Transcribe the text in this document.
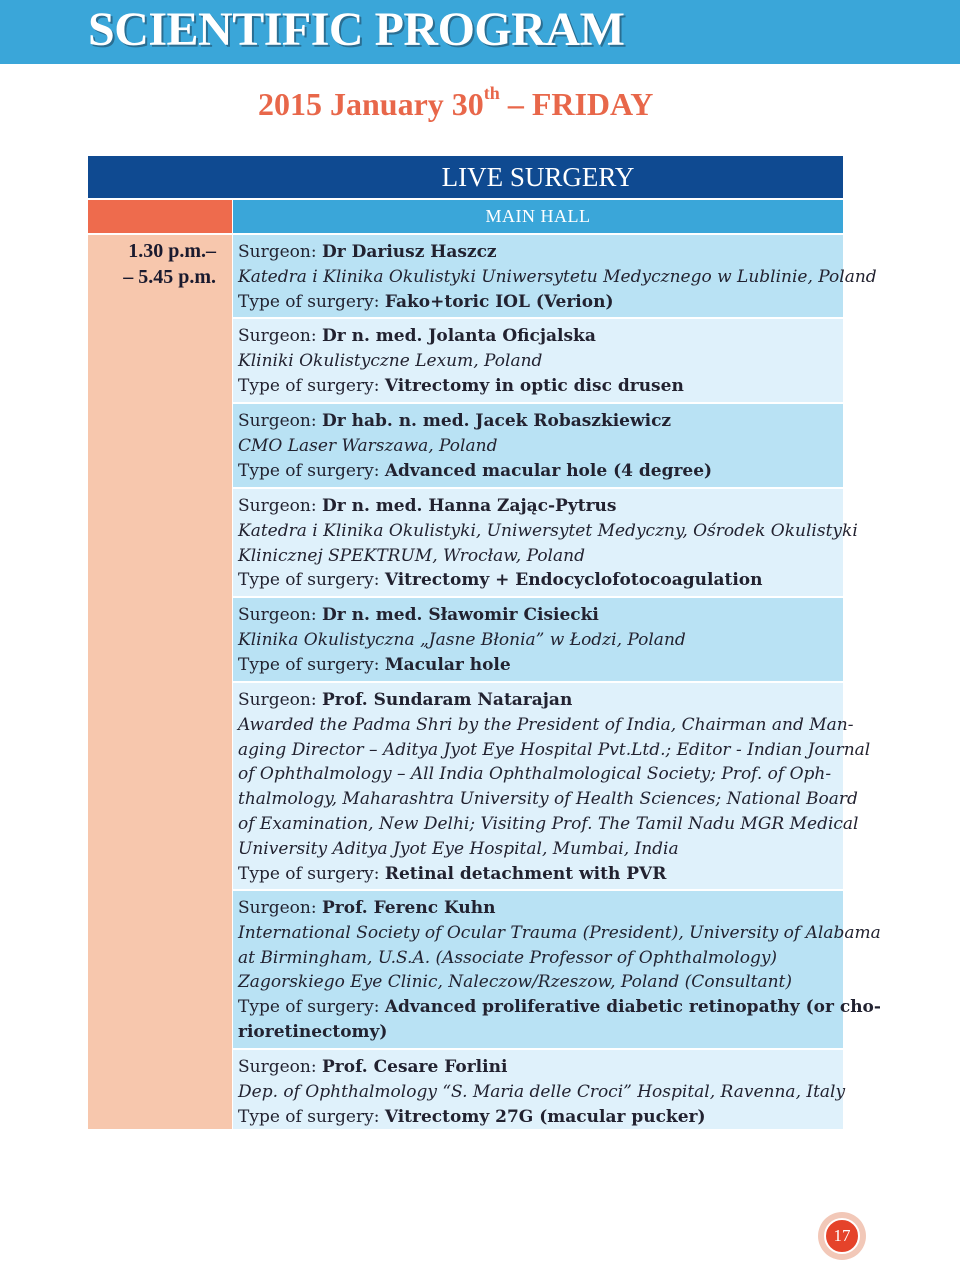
SCIENTIFIC PROGRAM
2015 January 30th – FRIDAY
LIVE SURGERY
MAIN HALL
1.30 p.m.–
– 5.45 p.m.
Surgeon: Dr Dariusz Haszcz
Katedra i Klinika Okulistyki Uniwersytetu Medycznego w Lublinie, Poland
Type of surgery: Fako+toric IOL (Verion)
Surgeon: Dr n. med. Jolanta Oficjalska
Kliniki Okulistyczne Lexum, Poland
Type of surgery: Vitrectomy in optic disc drusen
Surgeon: Dr hab. n. med. Jacek Robaszkiewicz
CMO Laser Warszawa, Poland
Type of surgery: Advanced macular hole (4 degree)
Surgeon: Dr n. med. Hanna Zając-Pytrus
Katedra i Klinika Okulistyki, Uniwersytet Medyczny, Ośrodek Okulistyki
Klinicznej SPEKTRUM, Wrocław, Poland
Type of surgery: Vitrectomy + Endocyclofotocoagulation
Surgeon: Dr n. med. Sławomir Cisiecki
Klinika Okulistyczna „Jasne Błonia” w Łodzi, Poland
Type of surgery: Macular hole
Surgeon: Prof. Sundaram Natarajan
Awarded the Padma Shri by the President of India, Chairman and Man-
aging Director – Aditya Jyot Eye Hospital Pvt.Ltd.; Editor - Indian Journal
of Ophthalmology – All India Ophthalmological Society; Prof. of Oph-
thalmology, Maharashtra University of Health Sciences; National Board
of Examination, New Delhi; Visiting Prof. The Tamil Nadu MGR Medical
University Aditya Jyot Eye Hospital, Mumbai, India
Type of surgery: Retinal detachment with PVR
Surgeon: Prof. Ferenc Kuhn
International Society of Ocular Trauma (President), University of Alabama
at Birmingham, U.S.A. (Associate Professor of Ophthalmology)
Zagorskiego Eye Clinic, Naleczow/Rzeszow, Poland (Consultant)
Type of surgery: Advanced proliferative diabetic retinopathy (or cho-
rioretinectomy)
Surgeon: Prof. Cesare Forlini
Dep. of Ophthalmology “S. Maria delle Croci” Hospital, Ravenna, Italy
Type of surgery: Vitrectomy 27G (macular pucker)
17
